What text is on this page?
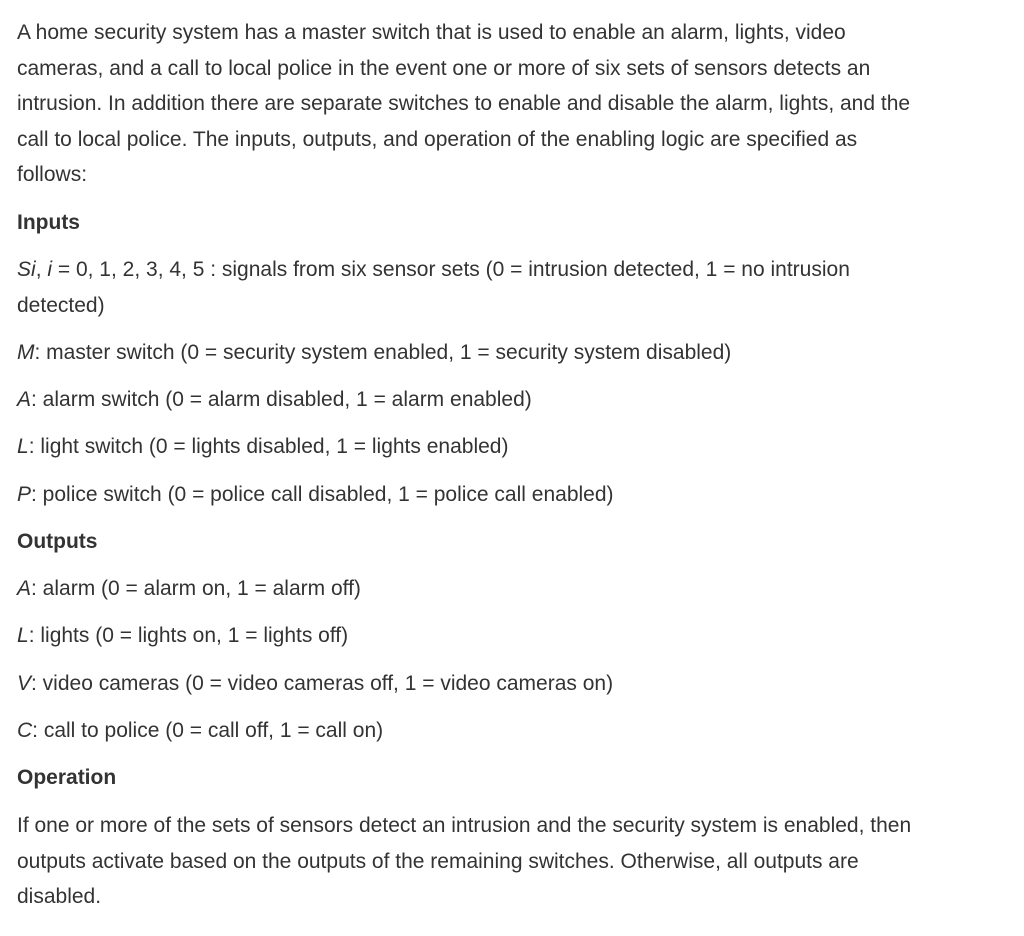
A home security system has a master switch that is used to enable an alarm, lights, video
cameras, and a call to local police in the event one or more of six sets of sensors detects an
intrusion. In addition there are separate switches to enable and disable the alarm, lights, and the
call to local police. The inputs, outputs, and operation of the enabling logic are specified as
follows:

Inputs

Si, i = 0, 1, 2, 3, 4, 5 : signals from six sensor sets (0 = intrusion detected, 1 = no intrusion
detected)

M: master switch (0 = security system enabled, 1 = security system disabled)

A: alarm switch (0 = alarm disabled, 1 = alarm enabled)

L: light switch (0 = lights disabled, 1 = lights enabled)

P: police switch (0 = police call disabled, 1 = police call enabled)

Outputs

A: alarm (0 = alarm on, 1 = alarm off)

L: lights (0 = lights on, 1 = lights off)

V: video cameras (0 = video cameras off, 1 = video cameras on)

C: call to police (0 = call off, 1 = call on)

Operation

If one or more of the sets of sensors detect an intrusion and the security system is enabled, then
outputs activate based on the outputs of the remaining switches. Otherwise, all outputs are
disabled.
